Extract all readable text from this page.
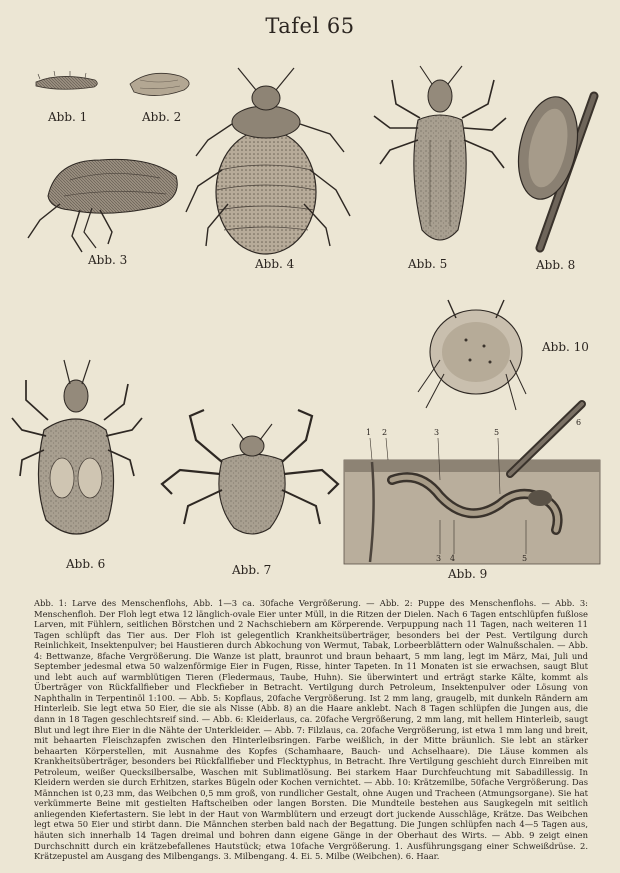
Tafel 65
Abb. 1	Abb. 2
Abb. 3	Abb. 4	Abb. 5	Abb. 8
Abb. 10
Abb. 6	Abb. 7	Abb. 9
1 2	3	5
6
3 4	5
Abb. 1: Larve des Menschenflohs, Abb. 1—3 ca. 30fache Vergrößerung. — Abb. 2: Puppe des Menschenflohs. — Abb. 3: Menschenfloh. Der Floh legt etwa 12 länglich-ovale Eier unter Müll, in die Ritzen der Dielen. Nach 6 Tagen entschlüpfen fußlose Larven, mit Fühlern, seitlichen Börstchen und 2 Nachschiebern am Körperende. Verpuppung nach 11 Tagen, nach weiteren 11 Tagen schlüpft das Tier aus. Der Floh ist gelegentlich Krankheitsüberträger, besonders bei der Pest. Vertilgung durch Reinlichkeit, Insektenpulver; bei Haustieren durch Abkochung von Wermut, Tabak, Lorbeerblättern oder Walnußschalen. — Abb. 4: Bettwanze, 8fache Vergrößerung. Die Wanze ist platt, braunrot und braun behaart, 5 mm lang, legt im März, Mai, Juli und September jedesmal etwa 50 walzenförmige Eier in Fugen, Risse, hinter Tapeten. In 11 Monaten ist sie erwachsen, saugt Blut und lebt auch auf warmblütigen Tieren (Fledermaus, Taube, Huhn). Sie überwintert und erträgt starke Kälte, kommt als Überträger von Rückfallfieber und Fleckfieber in Betracht. Vertilgung durch Petroleum, Insektenpulver oder Lösung von Naphthalin in Terpentinöl 1:100. — Abb. 5: Kopflaus, 20fache Vergrößerung. Ist 2 mm lang, graugelb, mit dunkeln Rändern am Hinterleib. Sie legt etwa 50 Eier, die sie als Nisse (Abb. 8) an die Haare anklebt. Nach 8 Tagen schlüpfen die Jungen aus, die dann in 18 Tagen geschlechtsreif sind. — Abb. 6: Kleiderlaus, ca. 20fache Vergrößerung, 2 mm lang, mit hellem Hinterleib, saugt Blut und legt ihre Eier in die Nähte der Unterkleider. — Abb. 7: Filzlaus, ca. 20fache Vergrößerung, ist etwa 1 mm lang und breit, mit behaarten Fleischzapfen zwischen den Hinterleibsringen. Farbe weißlich, in der Mitte bräunlich. Sie lebt an stärker behaarten Körperstellen, mit Ausnahme des Kopfes (Schamhaare, Bauch- und Achselhaare). Die Läuse kommen als Krankheitsüberträger, besonders bei Rückfallfieber und Flecktyphus, in Betracht. Ihre Vertilgung geschieht durch Einreiben mit Petroleum, weißer Quecksilbersalbe, Waschen mit Sublimatlösung. Bei starkem Haar Durchfeuchtung mit Sabadillessig. In Kleidern werden sie durch Erhitzen, starkes Bügeln oder Kochen vernichtet. — Abb. 10: Krätzemilbe, 50fache Vergrößerung. Das Männchen ist 0,23 mm, das Weibchen 0,5 mm groß, von rundlicher Gestalt, ohne Augen und Tracheen (Atmungsorgane). Sie hat verkümmerte Beine mit gestielten Haftscheiben oder langen Borsten. Die Mundteile bestehen aus Saugkegeln mit seitlich anliegenden Kiefertastern. Sie lebt in der Haut von Warmblütern und erzeugt dort juckende Ausschläge, Krätze. Das Weibchen legt etwa 50 Eier und stirbt dann. Die Männchen sterben bald nach der Begattung. Die Jungen schlüpfen nach 4—5 Tagen aus, häuten sich innerhalb 14 Tagen dreimal und bohren dann eigene Gänge in der Oberhaut des Wirts. — Abb. 9 zeigt einen Durchschnitt durch ein krätzebefallenes Hautstück; etwa 10fache Vergrößerung. 1. Ausführungsgang einer Schweißdrüse. 2. Krätzepustel am Ausgang des Milbengangs. 3. Milbengang. 4. Ei. 5. Milbe (Weibchen). 6. Haar.
